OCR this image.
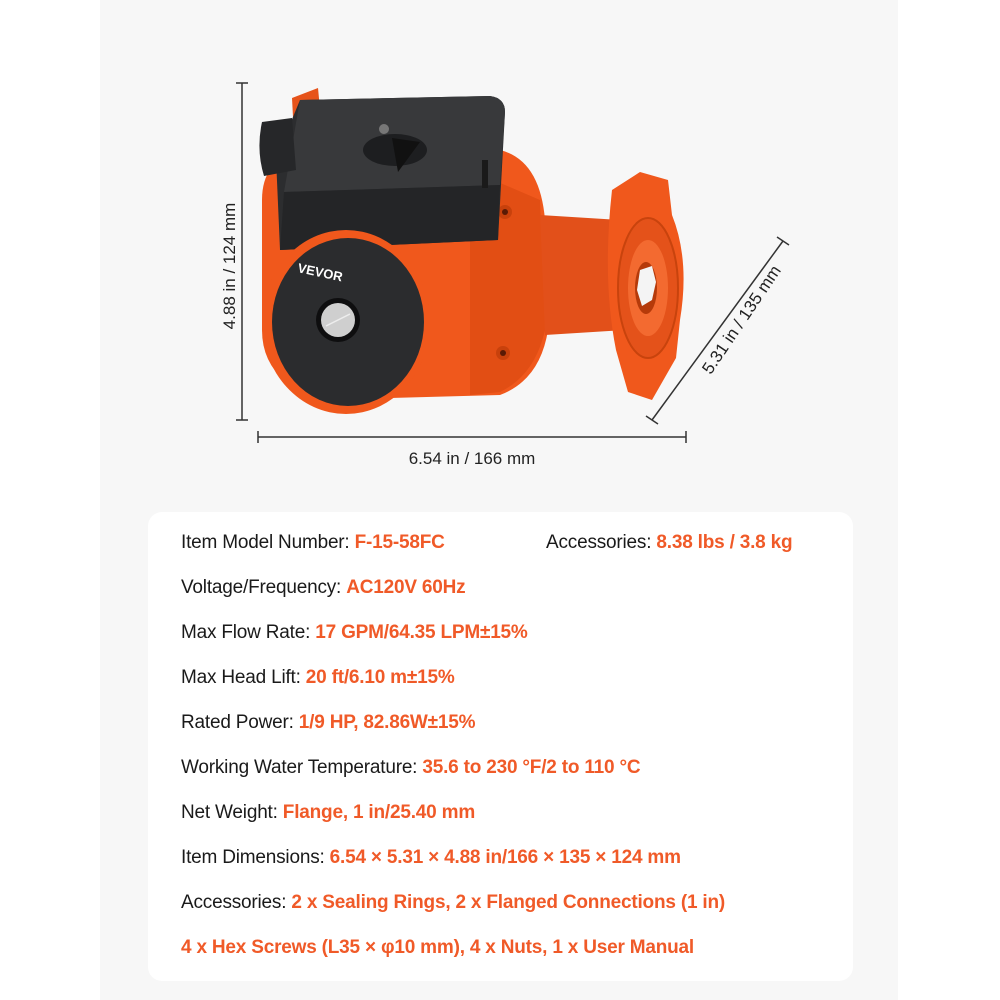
VEVOR
4.88 in / 124 mm
6.54 in / 166 mm
5.31 in / 135 mm
Item Model Number: F-15-58FC	Accessories: 8.38 lbs / 3.8 kg
Voltage/Frequency: AC120V 60Hz
Max Flow Rate: 17 GPM/64.35 LPM±15%
Max Head Lift: 20 ft/6.10 m±15%
Rated Power: 1/9 HP, 82.86W±15%
Working Water Temperature: 35.6 to 230 °F/2 to 110 °C
Net Weight: Flange, 1 in/25.40 mm
Item Dimensions: 6.54 × 5.31 × 4.88 in/166 × 135 × 124 mm
Accessories: 2 x Sealing Rings, 2 x Flanged Connections (1 in)
4 x Hex Screws (L35 × φ10 mm), 4 x Nuts, 1 x User Manual
